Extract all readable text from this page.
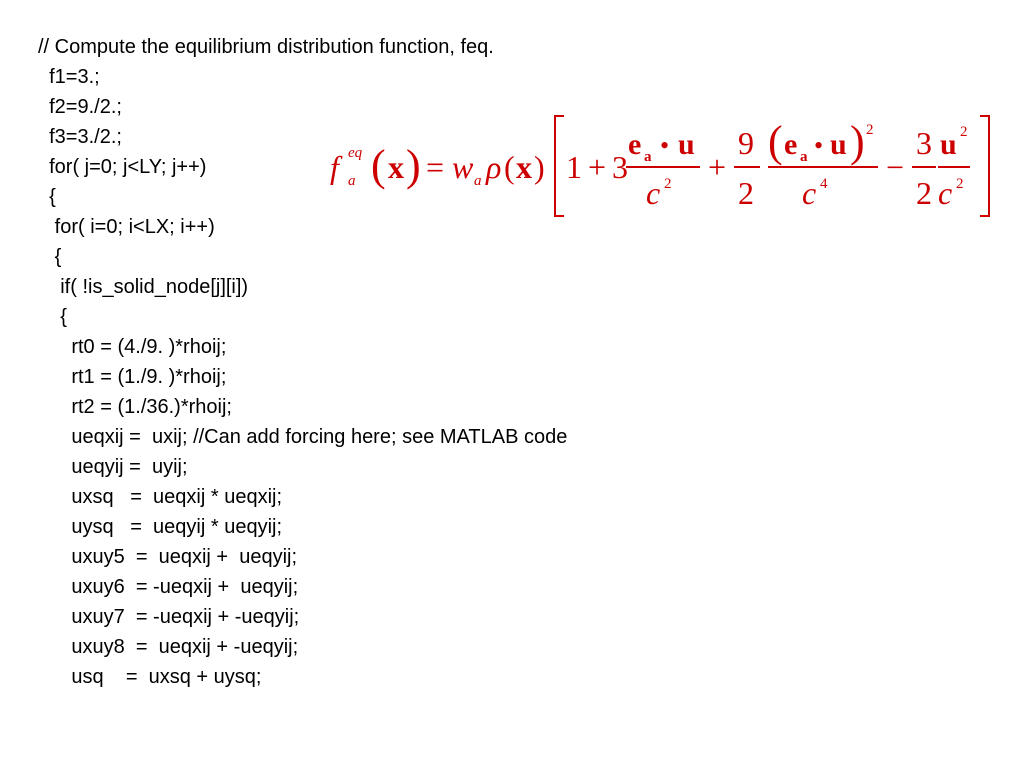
// Compute the equilibrium distribution function, feq.
f1=3.;
f2=9./2.;
f3=3./2.;
for( j=0; j<LY; j++)
{
for( i=0; i<LX; i++)
{
if( !is_solid_node[j][i])
{
rt0 = (4./9. )*rhoij;
rt1 = (1./9. )*rhoij;
rt2 = (1./36.)*rhoij;
ueqxij =  uxij; //Can add forcing here; see MATLAB code
ueqyij =  uyij;
uxsq   =  ueqxij * ueqxij;
uysq   =  ueqyij * ueqyij;
uxuy5  =  ueqxij +  ueqyij;
uxuy6  = -ueqxij +  ueqyij;
uxuy7  = -ueqxij + -ueqyij;
uxuy8  =  ueqxij + -ueqyij;
usq    =  uxsq + uysq;
f eq
a ( x ) = w a ρ ( x ) 1 + 3
e a • u
c 2 +
9
2
( e a • u ) 2
c 4 −
3
2
u 2
c 2
